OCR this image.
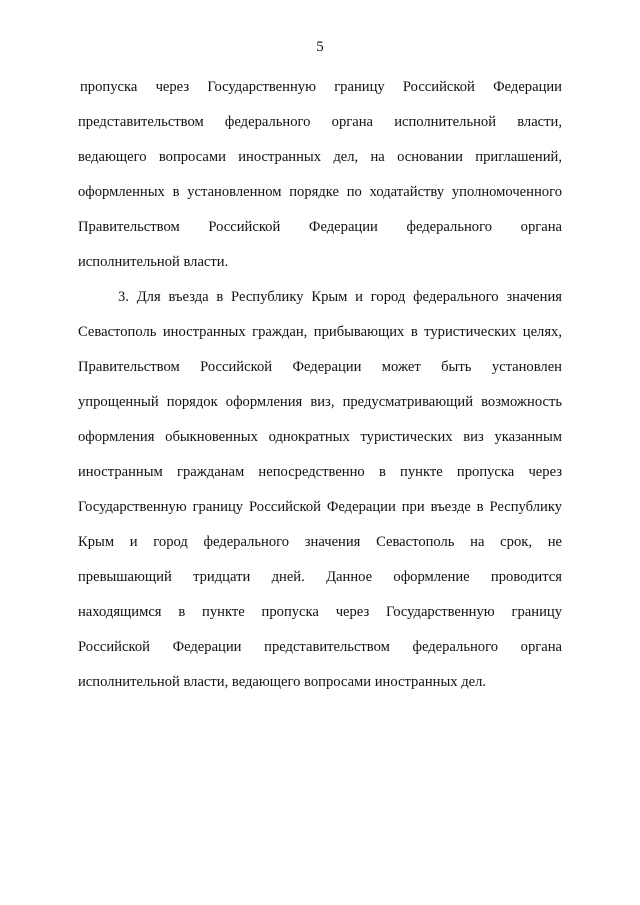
5
пропуска через Государственную границу Российской Федерации
представительством федерального органа исполнительной власти,
ведающего вопросами иностранных дел, на основании приглашений,
оформленных в установленном порядке по ходатайству уполномоченного
Правительством Российской Федерации федерального органа
исполнительной власти.
3. Для въезда в Республику Крым и город федерального значения
Севастополь иностранных граждан, прибывающих в туристических целях,
Правительством Российской Федерации может быть установлен
упрощенный порядок оформления виз, предусматривающий возможность
оформления обыкновенных однократных туристических виз указанным
иностранным гражданам непосредственно в пункте пропуска через
Государственную границу Российской Федерации при въезде в Республику
Крым и город федерального значения Севастополь на срок, не
превышающий тридцати дней. Данное оформление проводится
находящимся в пункте пропуска через Государственную границу
Российской Федерации представительством федерального органа
исполнительной власти, ведающего вопросами иностранных дел.
